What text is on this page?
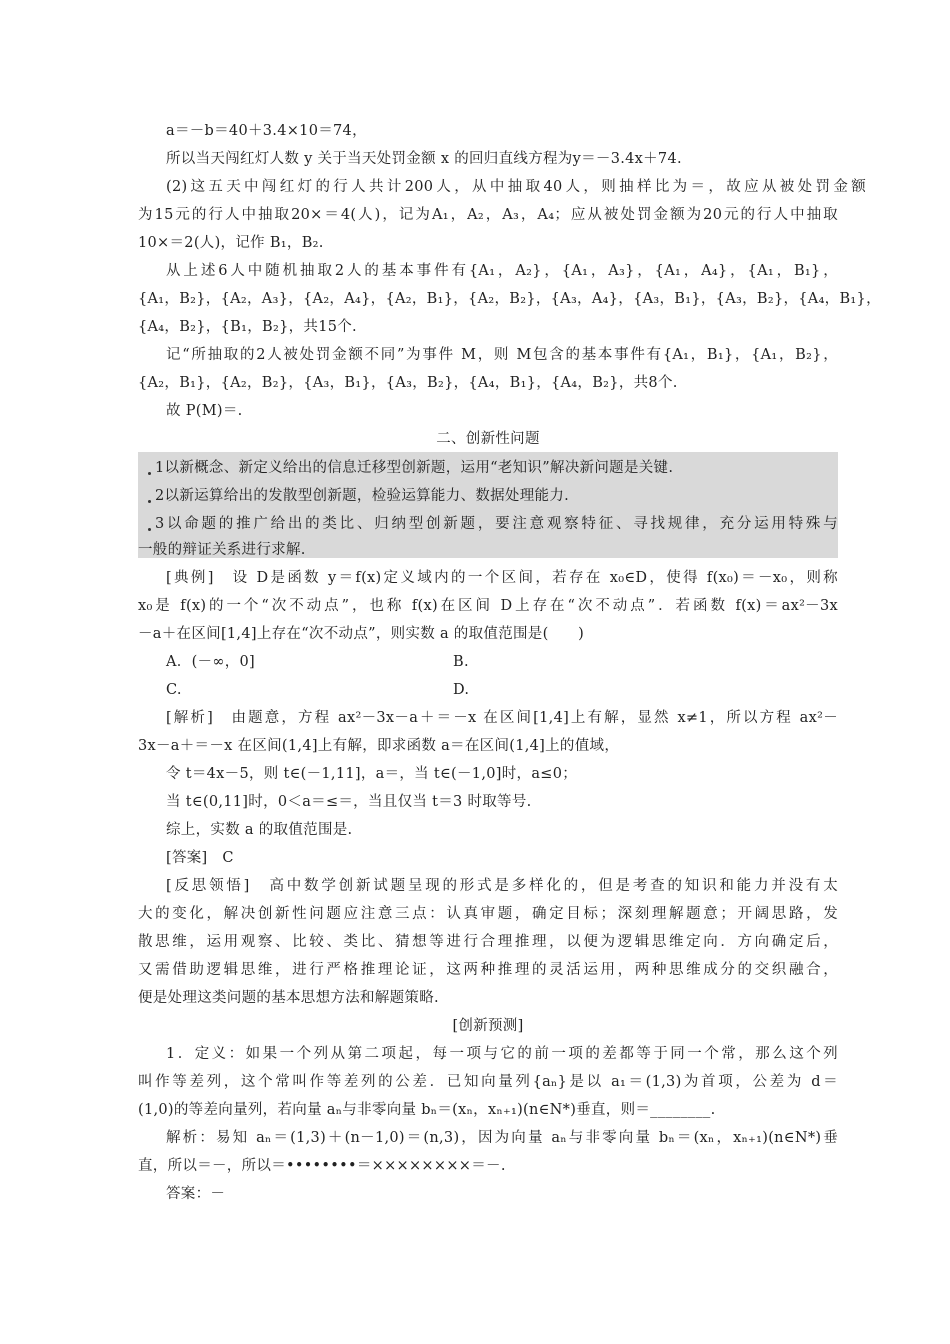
a＝－b＝40＋3.4×10＝74，
所以当天闯红灯人数 y 关于当天处罚金额 x 的回归直线方程为y＝－3.4x＋74.
(2)这五天中闯红灯的行人共计200人，从中抽取40人，则抽样比为＝，故应从被处罚金额
为15元的行人中抽取20×＝4(人)，记为A₁，A₂，A₃，A₄；应从被处罚金额为20元的行人中抽取
10×＝2(人)，记作 B₁，B₂.
从上述6人中随机抽取2人的基本事件有{A₁，A₂}，{A₁，A₃}，{A₁，A₄}，{A₁，B₁}，
{A₁，B₂}，{A₂，A₃}，{A₂，A₄}，{A₂，B₁}，{A₂，B₂}，{A₃，A₄}，{A₃，B₁}，{A₃，B₂}，{A₄，B₁}，
{A₄，B₂}，{B₁，B₂}，共15个.
记“所抽取的2人被处罚金额不同”为事件 M，则 M包含的基本事件有{A₁，B₁}，{A₁，B₂}，
{A₂，B₁}，{A₂，B₂}，{A₃，B₁}，{A₃，B₂}，{A₄，B₁}，{A₄，B₂}，共8个.
故 P(M)＝.
二、创新性问题
1以新概念、新定义给出的信息迁移型创新题，运用“老知识”解决新问题是关键.
2以新运算给出的发散型创新题，检验运算能力、数据处理能力.
3以命题的推广给出的类比、归纳型创新题，要注意观察特征、寻找规律，充分运用特殊与
一般的辩证关系进行求解.
[典例]　设 D是函数 y＝f(x)定义域内的一个区间，若存在 x₀∈D，使得 f(x₀)＝－x₀，则称
x₀是 f(x)的一个“次不动点”，也称 f(x)在区间 D上存在“次不动点”．若函数 f(x)＝ax²－3x
－a＋在区间[1,4]上存在“次不动点”，则实数 a 的取值范围是(　　)
A．(－∞，0]	B.
C.	D.
[解析]　由题意，方程 ax²－3x－a＋＝－x 在区间[1,4]上有解，显然 x≠1，所以方程 ax²－
3x－a＋＝－x 在区间(1,4]上有解，即求函数 a＝在区间(1,4]上的值域，
令 t＝4x－5，则 t∈(－1,11]，a＝，当 t∈(－1,0]时，a≤0；
当 t∈(0,11]时，0＜a＝≤＝，当且仅当 t＝3 时取等号.
综上，实数 a 的取值范围是.
[答案]　C
[反思领悟]　高中数学创新试题呈现的形式是多样化的，但是考查的知识和能力并没有太
大的变化，解决创新性问题应注意三点：认真审题，确定目标；深刻理解题意；开阔思路，发
散思维，运用观察、比较、类比、猜想等进行合理推理，以便为逻辑思维定向．方向确定后，
又需借助逻辑思维，进行严格推理论证，这两种推理的灵活运用，两种思维成分的交织融合，
便是处理这类问题的基本思想方法和解题策略.
[创新预测]
1．定义：如果一个列从第二项起，每一项与它的前一项的差都等于同一个常，那么这个列
叫作等差列，这个常叫作等差列的公差．已知向量列{aₙ}是以 a₁＝(1,3)为首项，公差为 d＝
(1,0)的等差向量列，若向量 aₙ与非零向量 bₙ＝(xₙ，xₙ₊₁)(n∈N*)垂直，则＝________.
解析：易知 aₙ＝(1,3)＋(n－1,0)＝(n,3)，因为向量 aₙ与非零向量 bₙ＝(xₙ，xₙ₊₁)(n∈N*)垂
直，所以＝－，所以＝••••••••＝××××××××＝－.
答案：－
